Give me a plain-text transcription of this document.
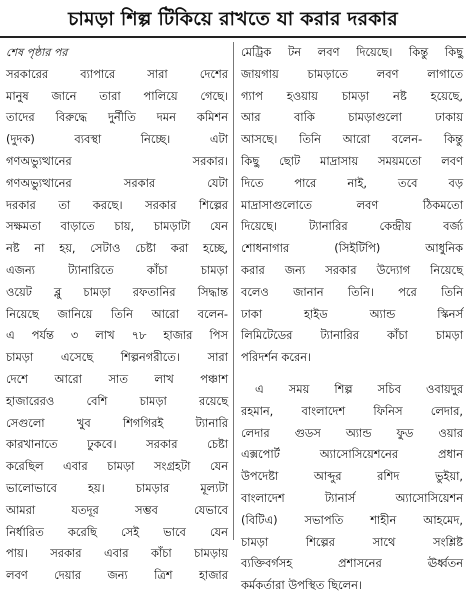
চামড়া শিল্প টিকিয়ে রাখতে যা করার দরকার
শেষ পৃষ্ঠার পর
সরকারের ব্যাপারে সারা দেশের
মানুষ জানে তারা পালিয়ে গেছে।
তাদের বিরুদ্ধে দুর্নীতি দমন কমিশন
(দুদক) ব্যবস্থা নিচ্ছে। এটা
গণঅভ্যুত্থানের সরকার।
গণঅভ্যুত্থানের সরকার যেটা
দরকার তা করছে। সরকার শিল্পের
সক্ষমতা বাড়াতে চায়, চামড়াটা যেন
নষ্ট না হয়, সেটাও চেষ্টা করা হচ্ছে,
এজন্য ট্যানারিতে কাঁচা চামড়া
ওয়েট ব্লু চামড়া রফতানির সিদ্ধান্ত
নিয়েছে জানিয়ে তিনি আরো বলেন-
এ পর্যন্ত ৩ লাখ ৭৮ হাজার পিস
চামড়া এসেছে শিল্পনগরীতে। সারা
দেশে আরো সাত লাখ পঞ্চাশ
হাজারেরও বেশি চামড়া রয়েছে
সেগুলো খুব শিগগিরই ট্যানারি
কারখানাতে ঢুকবে। সরকার চেষ্টা
করেছিল এবার চামড়া সংগ্রহটা যেন
ভালোভাবে হয়। চামড়ার মূল্যটা
আমরা যতদূর সম্ভব যেভাবে
নির্ধারিত করেছি সেই ভাবে যেন
পায়। সরকার এবার কাঁচা চামড়ায়
লবণ দেয়ার জন্য ত্রিশ হাজার
মেট্রিক টন লবণ দিয়েছে। কিন্তু কিছু
জায়গায় চামড়াতে লবণ লাগাতে
গ্যাপ হওয়ায় চামড়া নষ্ট হয়েছে,
আর বাকি চামড়াগুলো ঢাকায়
আসছে। তিনি আরো বলেন- কিন্তু
কিছু ছোট মাদ্রাসায় সময়মতো লবণ
দিতে পারে নাই, তবে বড়
মাদ্রাসাগুলোতে লবণ ঠিকমতো
দিয়েছে। ট্যানারির কেন্দ্রীয় বর্জ্য
শোধনাগার (সিইটিপি) আধুনিক
করার জন্য সরকার উদ্যোগ নিয়েছে
বলেও জানান তিনি। পরে তিনি
ঢাকা হাইড অ্যান্ড স্কিনর্স
লিমিটেডের ট্যানারির কাঁচা চামড়া
পরিদর্শন করেন।
এ সময় শিল্প সচিব ওবায়দুর
রহমান, বাংলাদেশ ফিনিস লেদার,
লেদার গুডস অ্যান্ড ফুড ওয়ার
এক্সপোর্ট অ্যাসোসিয়েশনের প্রধান
উপদেষ্টা আব্দুর রশিদ ভুইয়া,
বাংলাদেশ ট্যানার্স অ্যাসোসিয়েশন
(বিটিএ) সভাপতি শাহীন আহমেদ,
চামড়া শিল্পের সাথে সংশ্লিষ্ট
ব্যক্তিবর্গসহ প্রশাসনের ঊর্ধ্বতন
কর্মকর্তারা উপস্থিত ছিলেন।
